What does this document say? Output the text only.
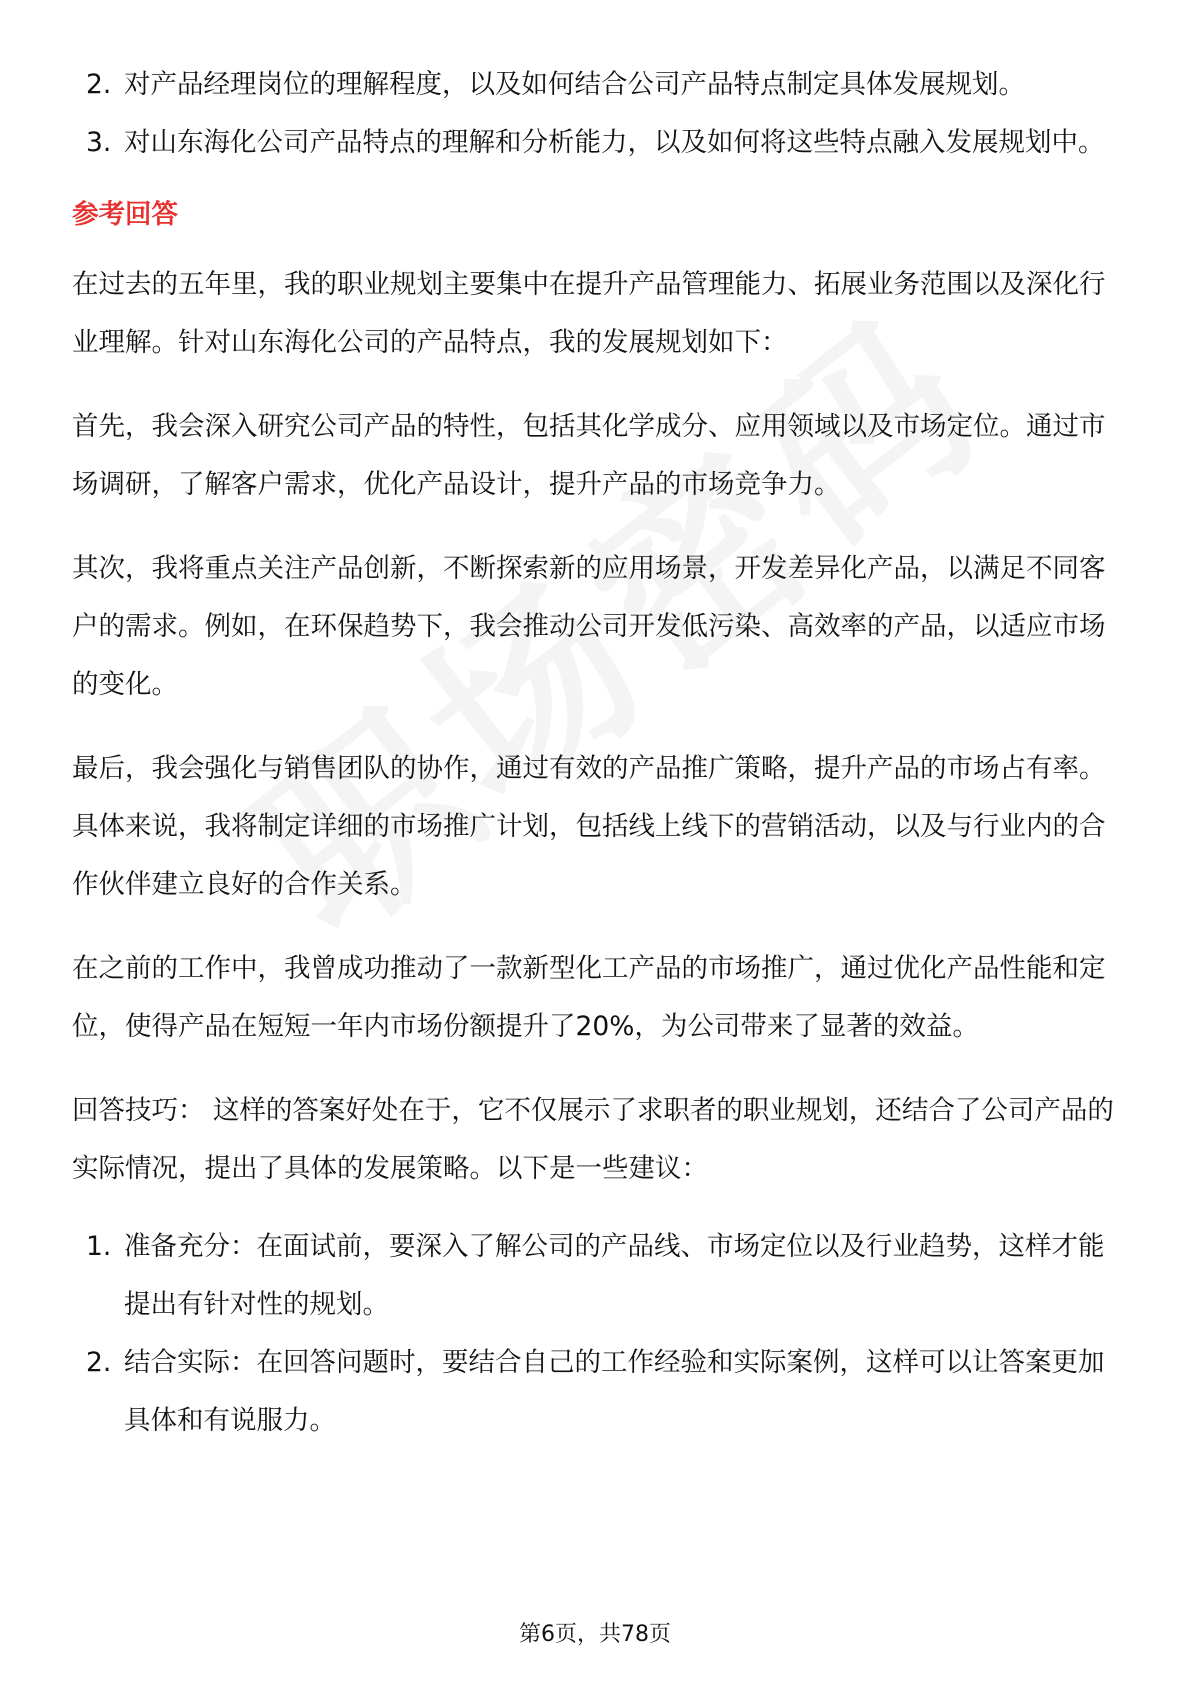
2. 对产品经理岗位的理解程度，以及如何结合公司产品特点制定具体发展规划。
3. 对山东海化公司产品特点的理解和分析能力，以及如何将这些特点融入发展规划中。
参考回答

在过去的五年里，我的职业规划主要集中在提升产品管理能力、拓展业务范围以及深化行业理解。针对山东海化公司的产品特点，我的发展规划如下：

首先，我会深入研究公司产品的特性，包括其化学成分、应用领域以及市场定位。通过市场调研，了解客户需求，优化产品设计，提升产品的市场竞争力。

其次，我将重点关注产品创新，不断探索新的应用场景，开发差异化产品，以满足不同客户的需求。例如，在环保趋势下，我会推动公司开发低污染、高效率的产品，以适应市场的变化。

最后，我会强化与销售团队的协作，通过有效的产品推广策略，提升产品的市场占有率。具体来说，我将制定详细的市场推广计划，包括线上线下的营销活动，以及与行业内的合作伙伴建立良好的合作关系。

在之前的工作中，我曾成功推动了一款新型化工产品的市场推广，通过优化产品性能和定位，使得产品在短短一年内市场份额提升了20%，为公司带来了显著的效益。

回答技巧： 这样的答案好处在于，它不仅展示了求职者的职业规划，还结合了公司产品的实际情况，提出了具体的发展策略。以下是一些建议：

1. 准备充分：在面试前，要深入了解公司的产品线、市场定位以及行业趋势，这样才能提出有针对性的规划。
2. 结合实际：在回答问题时，要结合自己的工作经验和实际案例，这样可以让答案更加具体和有说服力。
第6页，共78页
